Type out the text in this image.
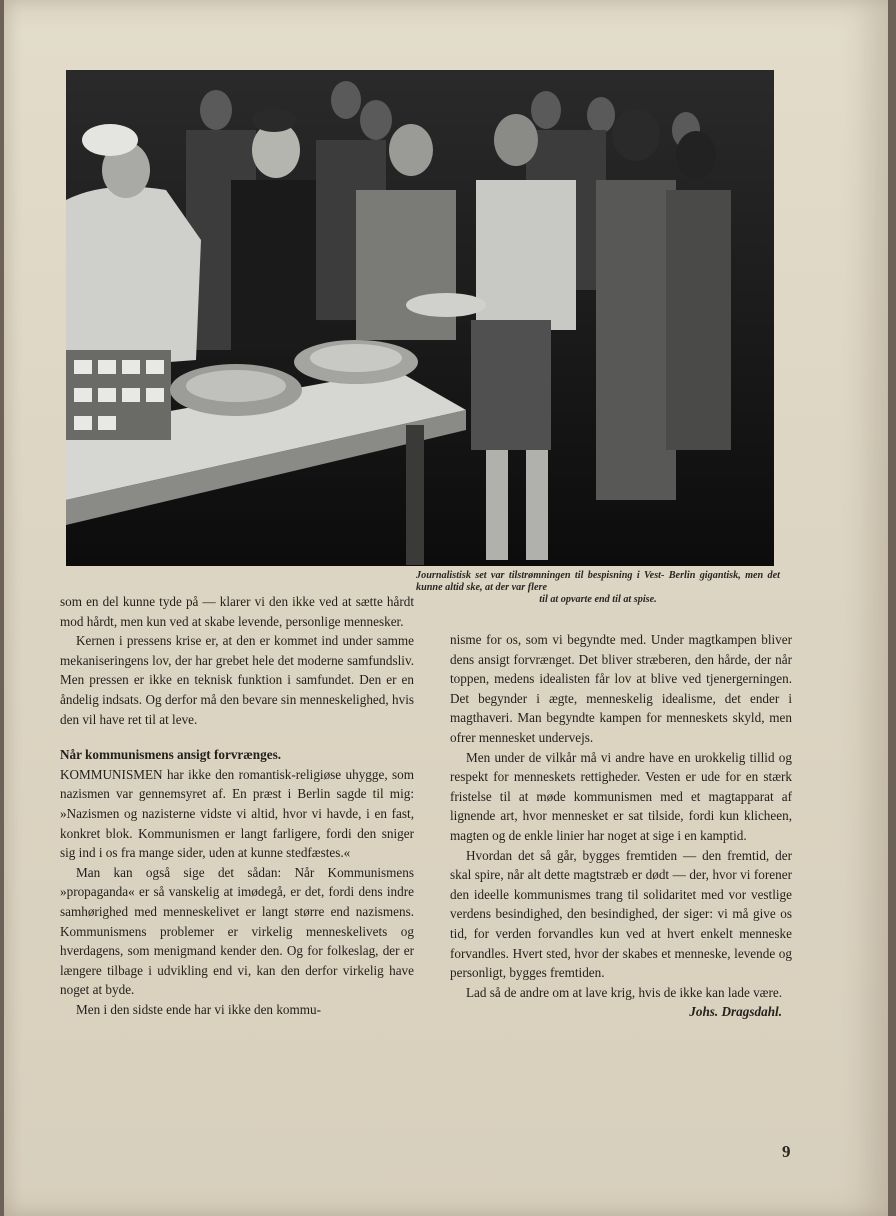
Journalistisk set var tilstrømningen til bespisning i Vest- Berlin gigantisk, men det kunne altid ske, at der var flere
til at opvarte end til at spise.

som en del kunne tyde på — klarer vi den ikke ved at sætte hårdt mod hårdt, men kun ved at skabe levende, personlige mennesker.

Kernen i pressens krise er, at den er kommet ind under samme mekaniseringens lov, der har grebet hele det moderne samfundsliv. Men pressen er ikke en teknisk funktion i samfundet. Den er en åndelig indsats. Og derfor må den bevare sin menneskelighed, hvis den vil have ret til at leve.

Når kommunismens ansigt forvrænges.

KOMMUNISMEN har ikke den romantisk-religiøse uhygge, som nazismen var gennemsyret af. En præst i Berlin sagde til mig: »Nazismen og nazisterne vidste vi altid, hvor vi havde, i en fast, konkret blok. Kommunismen er langt farligere, fordi den sniger sig ind i os fra mange sider, uden at kunne stedfæstes.«

Man kan også sige det sådan: Når Kommunismens »propaganda« er så vanskelig at imødegå, er det, fordi dens indre samhørighed med menneskelivet er langt større end nazismens. Kommunismens problemer er virkelig menneskelivets og hverdagens, som menigmand kender den. Og for folkeslag, der er længere tilbage i udvikling end vi, kan den derfor virkelig have noget at byde.

Men i den sidste ende har vi ikke den kommu-

nisme for os, som vi begyndte med. Under magtkampen bliver dens ansigt forvrænget. Det bliver stræberen, den hårde, der når toppen, medens idealisten får lov at blive ved tjenergerningen. Det begynder i ægte, menneskelig idealisme, det ender i magthaveri. Man begyndte kampen for menneskets skyld, men ofrer mennesket undervejs.

Men under de vilkår må vi andre have en urokkelig tillid og respekt for menneskets rettigheder. Vesten er ude for en stærk fristelse til at møde kommunismen med et magtapparat af lignende art, hvor mennesket er sat tilside, fordi kun klicheen, magten og de enkle linier har noget at sige i en kamptid.

Hvordan det så går, bygges fremtiden — den fremtid, der skal spire, når alt dette magtstræb er dødt — der, hvor vi forener den ideelle kommunismes trang til solidaritet med vor vestlige verdens besindighed, den besindighed, der siger: vi må give os tid, for verden forvandles kun ved at hvert enkelt menneske forvandles. Hvert sted, hvor der skabes et menneske, levende og personligt, bygges fremtiden.

Lad så de andre om at lave krig, hvis de ikke kan lade være.

Johs. Dragsdahl.
9
